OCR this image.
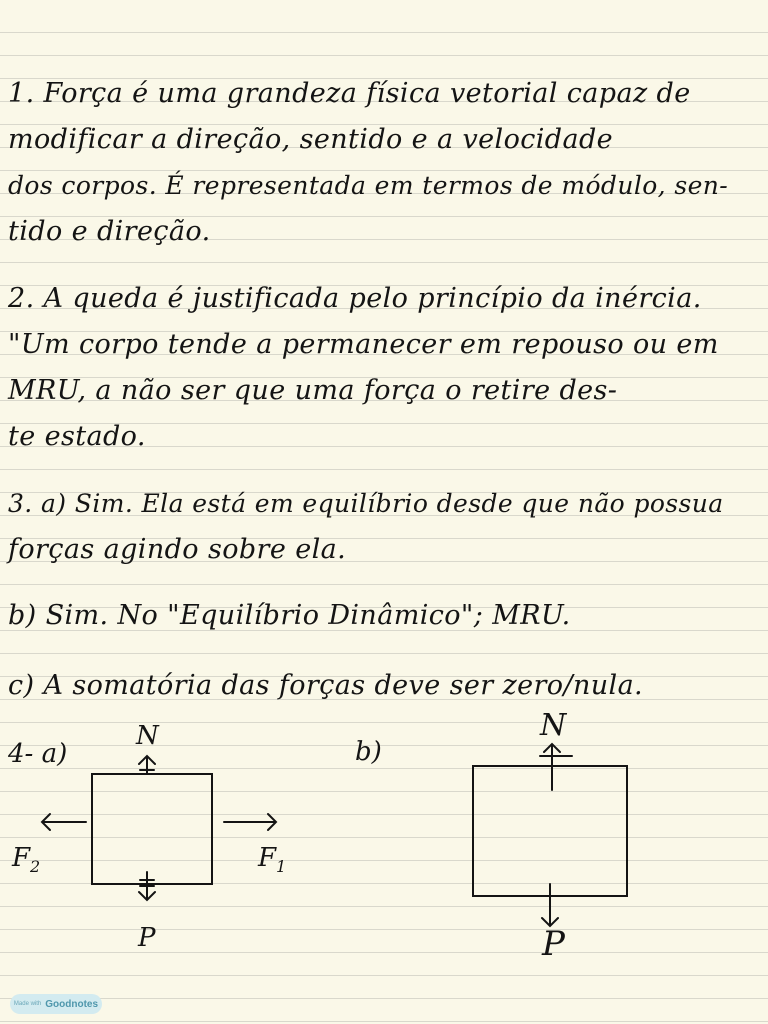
1. Força é uma grandeza física vetorial capaz de
modificar a direção, sentido e a velocidade
dos corpos. É representada em termos de módulo, sen-
tido e direção.
2. A queda é justificada pelo princípio da inércia.
"Um corpo tende a permanecer em repouso ou em
MRU, a não ser que uma força o retire des-
te estado.
3. a) Sim. Ela está em equilíbrio desde que não possua
forças agindo sobre ela.
b) Sim. No "Equilíbrio Dinâmico"; MRU.
c) A somatória das forças deve ser zero/nula.
4- a)	b)
N
P
$F_2$	$F_1$
N
P
Made with Goodnotes
